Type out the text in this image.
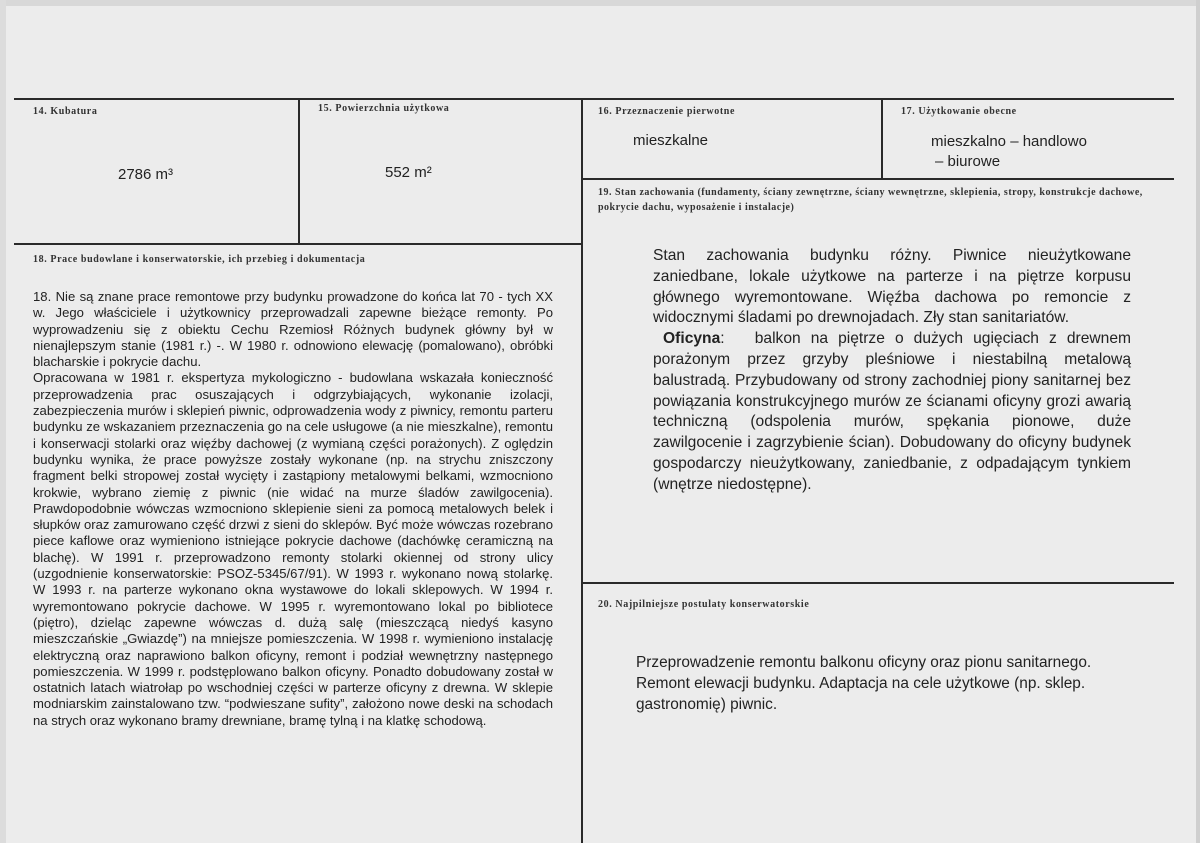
14. Kubatura
2786 m³
15. Powierzchnia użytkowa
552 m²
16. Przeznaczenie pierwotne
mieszkalne
17. Użytkowanie obecne
mieszkalno – handlowo
– biurowe
19. Stan zachowania (fundamenty, ściany zewnętrzne, ściany wewnętrzne, sklepienia, stropy, konstrukcje dachowe, pokrycie dachu, wyposażenie i instalacje)
18. Prace budowlane i konserwatorskie, ich przebieg i dokumentacja

18. Nie są znane prace remontowe przy budynku prowadzone do końca lat 70 - tych XX w. Jego właściciele i użytkownicy przeprowadzali zapewne bieżące remonty. Po wyprowadzeniu się z obiektu Cechu Rzemiosł Różnych budynek główny był w nienajlepszym stanie (1981 r.) -. W 1980 r. odnowiono elewację (pomalowano), obróbki blacharskie i pokrycie dachu.

Opracowana w 1981 r. ekspertyza mykologiczno - budowlana wskazała konieczność przeprowadzenia prac osuszających i odgrzybiających, wykonanie izolacji, zabezpieczenia murów i sklepień piwnic, odprowadzenia wody z piwnicy, remontu parteru budynku ze wskazaniem przeznaczenia go na cele usługowe (a nie mieszkalne), remontu i konserwacji stolarki oraz więźby dachowej (z wymianą części porażonych). Z oględzin budynku wynika, że prace powyższe zostały wykonane (np. na strychu zniszczony fragment belki stropowej został wycięty i zastąpiony metalowymi belkami, wzmocniono krokwie, wybrano ziemię z piwnic (nie widać na murze śladów zawilgocenia). Prawdopodobnie wówczas wzmocniono sklepienie sieni za pomocą metalowych belek i słupków oraz zamurowano część drzwi z sieni do sklepów. Być może wówczas rozebrano piece kaflowe oraz wymieniono istniejące pokrycie dachowe (dachówkę ceramiczną na blachę). W 1991 r. przeprowadzono remonty stolarki okiennej od strony ulicy (uzgodnienie konserwatorskie: PSOZ-5345/67/91). W 1993 r. wykonano nową stolarkę. W 1993 r. na parterze wykonano okna wystawowe do lokali sklepowych. W 1994 r. wyremontowano pokrycie dachowe. W 1995 r. wyremontowano lokal po bibliotece (piętro), dzieląc zapewne wówczas d. dużą salę (mieszczącą niedyś kasyno mieszczańskie „Gwiazdę”) na mniejsze pomieszczenia. W 1998 r. wymieniono instalację elektryczną oraz naprawiono balkon oficyny, remont i podział wewnętrzny następnego pomieszczenia. W 1999 r. podstęplowano balkon oficyny. Ponadto dobudowany został w ostatnich latach wiatrołap po wschodniej części w parterze oficyny z drewna. W sklepie modniarskim zainstalowano tzw. “podwieszane sufity”, założono nowe deski na schodach na strych oraz wykonano bramy drewniane, bramę tylną i na klatkę schodową.

Stan zachowania budynku różny. Piwnice nieużytkowane zaniedbane, lokale użytkowe na parterze i na piętrze korpusu głównego wyremontowane. Więźba dachowa po remoncie z widocznymi śladami po drewnojadach. Zły stan sanitariatów.

Oficyna: balkon na piętrze o dużych ugięciach z drewnem porażonym przez grzyby pleśniowe i niestabilną metalową balustradą. Przybudowany od strony zachodniej piony sanitarnej bez powiązania konstrukcyjnego murów ze ścianami oficyny grozi awarią techniczną (odspolenia murów, spękania pionowe, duże zawilgocenie i zagrzybienie ścian). Dobudowany do oficyny budynek gospodarczy nieużytkowany, zaniedbanie, z odpadającym tynkiem (wnętrze niedostępne).

20. Najpilniejsze postulaty konserwatorskie

Przeprowadzenie remontu balkonu oficyny oraz pionu sanitarnego. Remont elewacji budynku. Adaptacja na cele użytkowe (np. sklep. gastronomię) piwnic.
